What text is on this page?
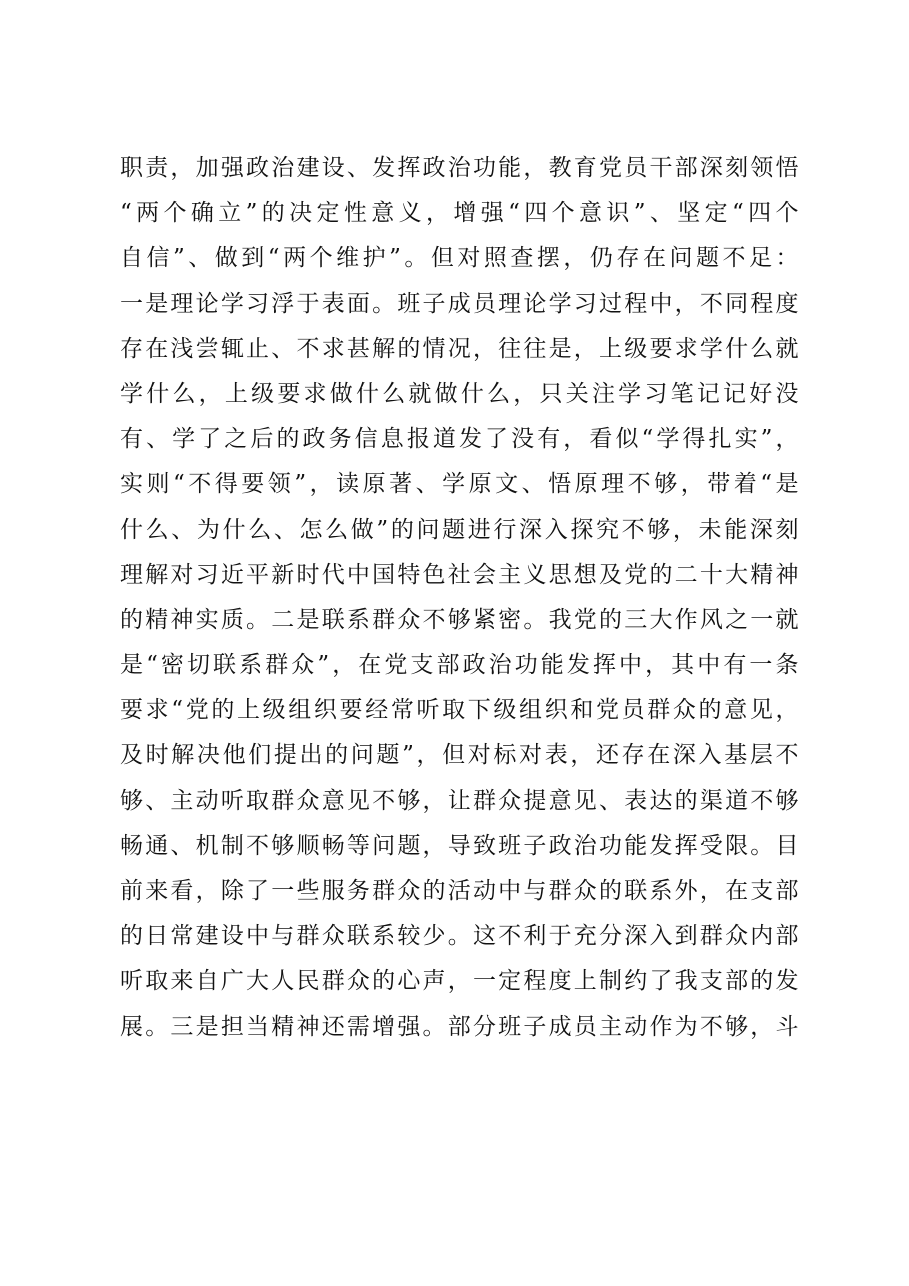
职责，加强政治建设、发挥政治功能，教育党员干部深刻领悟
“两个确立”的决定性意义，增强“四个意识”、坚定“四个
自信”、做到“两个维护”。但对照查摆，仍存在问题不足：
一是理论学习浮于表面。班子成员理论学习过程中，不同程度
存在浅尝辄止、不求甚解的情况，往往是，上级要求学什么就
学什么，上级要求做什么就做什么，只关注学习笔记记好没
有、学了之后的政务信息报道发了没有，看似“学得扎实”，
实则“不得要领”，读原著、学原文、悟原理不够，带着“是
什么、为什么、怎么做”的问题进行深入探究不够，未能深刻
理解对习近平新时代中国特色社会主义思想及党的二十大精神
的精神实质。二是联系群众不够紧密。我党的三大作风之一就
是“密切联系群众”，在党支部政治功能发挥中，其中有一条
要求“党的上级组织要经常听取下级组织和党员群众的意见，
及时解决他们提出的问题”，但对标对表，还存在深入基层不
够、主动听取群众意见不够，让群众提意见、表达的渠道不够
畅通、机制不够顺畅等问题，导致班子政治功能发挥受限。目
前来看，除了一些服务群众的活动中与群众的联系外，在支部
的日常建设中与群众联系较少。这不利于充分深入到群众内部
听取来自广大人民群众的心声，一定程度上制约了我支部的发
展。三是担当精神还需增强。部分班子成员主动作为不够，斗
